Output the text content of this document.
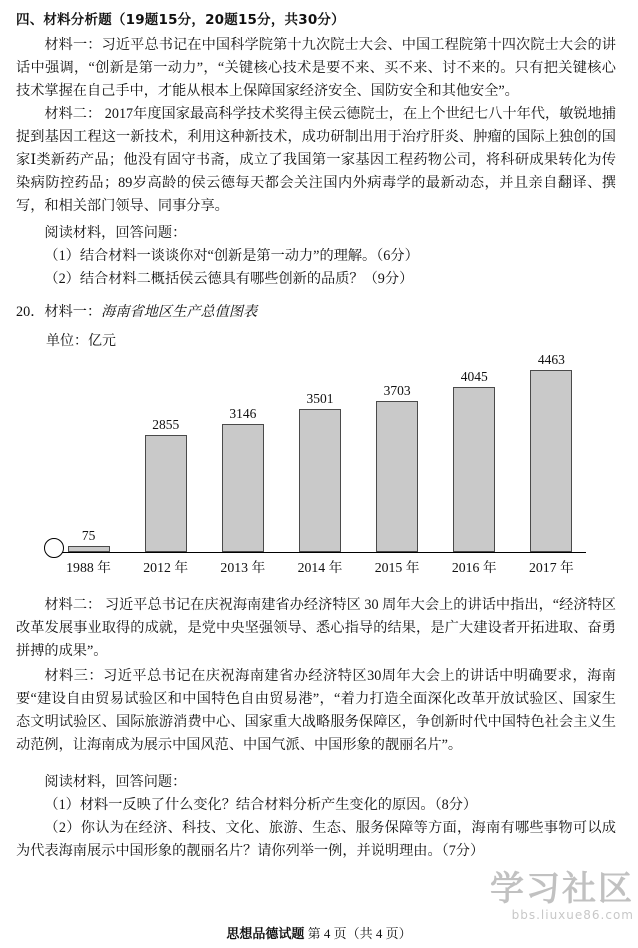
四、材料分析题（19题15分，20题15分，共30分）
材料一：习近平总书记在中国科学院第十九次院士大会、中国工程院第十四次院士大会的讲话中强调，“创新是第一动力”，“关键核心技术是要不来、买不来、讨不来的。只有把关键核心技术掌握在自己手中，才能从根本上保障国家经济安全、国防安全和其他安全”。
材料二： 2017年度国家最高科学技术奖得主侯云德院士，在上个世纪七八十年代，敏锐地捕捉到基因工程这一新技术，利用这种新技术，成功研制出用于治疗肝炎、肿瘤的国际上独创的国家Ⅰ类新药产品；他没有固守书斋，成立了我国第一家基因工程药物公司，将科研成果转化为传染病防控药品；89岁高龄的侯云德每天都会关注国内外病毒学的最新动态，并且亲自翻译、撰写，和相关部门领导、同事分享。
阅读材料，回答问题：
（1）结合材料一谈谈你对“创新是第一动力”的理解。（6分）
（2）结合材料二概括侯云德具有哪些创新的品质？（9分）
20．材料一：海南省地区生产总值图表
单位：亿元
75
2855
3146
3501
3703
4045
4463
1988 年	2012 年	2013 年	2014 年	2015 年	2016 年	2017 年
材料二： 习近平总书记在庆祝海南建省办经济特区 30 周年大会上的讲话中指出，“经济特区改革发展事业取得的成就，是党中央坚强领导、悉心指导的结果，是广大建设者开拓进取、奋勇拼搏的成果”。
材料三：习近平总书记在庆祝海南建省办经济特区30周年大会上的讲话中明确要求，海南要“建设自由贸易试验区和中国特色自由贸易港”，“着力打造全面深化改革开放试验区、国家生态文明试验区、国际旅游消费中心、国家重大战略服务保障区，争创新时代中国特色社会主义生动范例，让海南成为展示中国风范、中国气派、中国形象的靓丽名片”。
阅读材料，回答问题：
（1）材料一反映了什么变化？结合材料分析产生变化的原因。（8分）
（2）你认为在经济、科技、文化、旅游、生态、服务保障等方面，海南有哪些事物可以成为代表海南展示中国形象的靓丽名片？请你列举一例，并说明理由。（7分）
学习社区
bbs.liuxue86.com
思想品德试题 第 4 页（共 4 页）
